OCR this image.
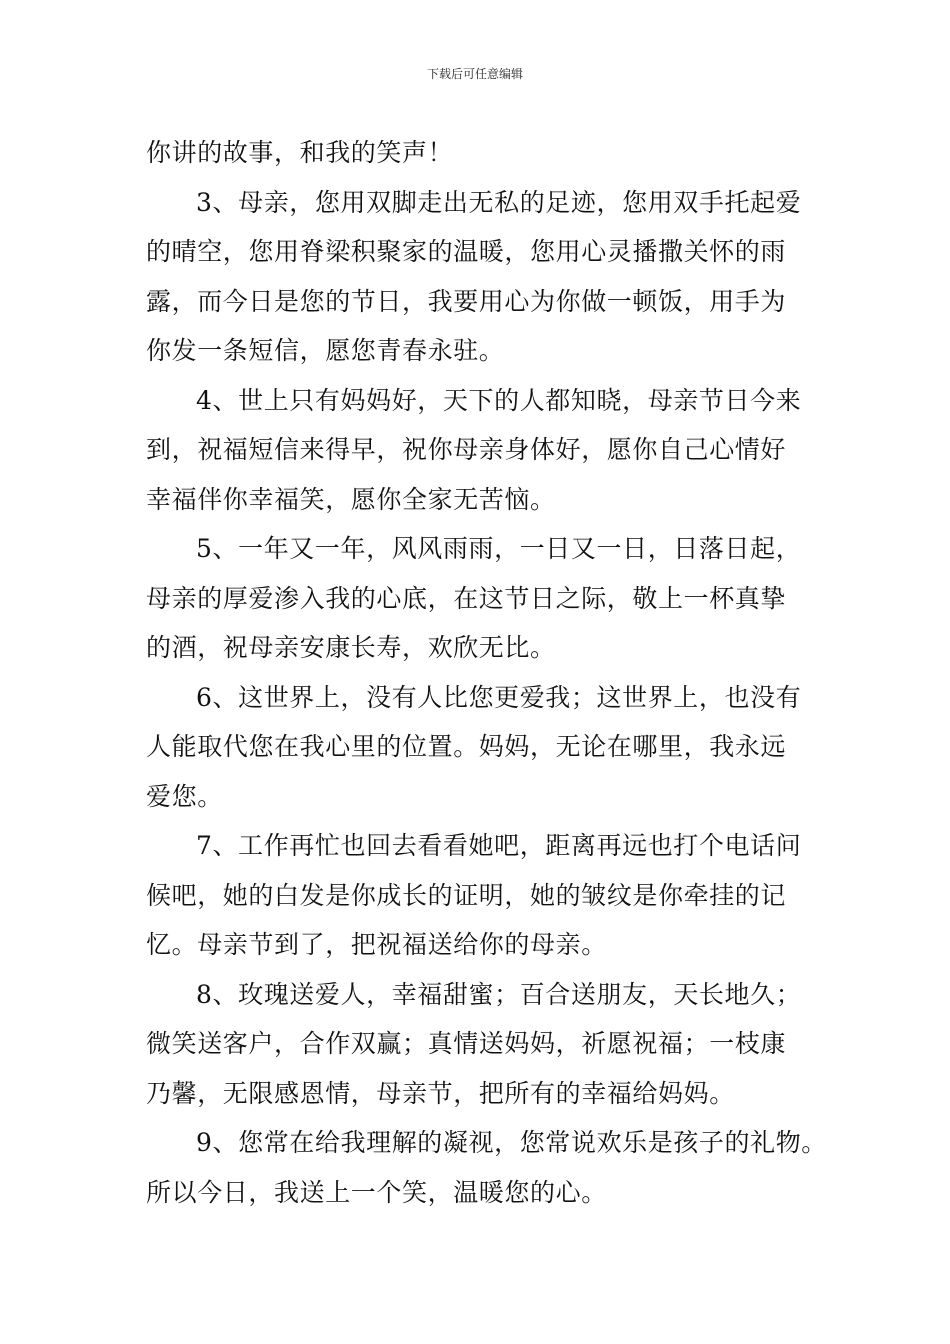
下载后可任意编辑
你讲的故事，和我的笑声！
3、母亲，您用双脚走出无私的足迹，您用双手托起爱
的晴空，您用脊梁积聚家的温暖，您用心灵播撒关怀的雨
露，而今日是您的节日，我要用心为你做一顿饭，用手为
你发一条短信，愿您青春永驻。
4、世上只有妈妈好，天下的人都知晓，母亲节日今来
到，祝福短信来得早，祝你母亲身体好，愿你自己心情好
幸福伴你幸福笑，愿你全家无苦恼。
5、一年又一年，风风雨雨，一日又一日，日落日起，
母亲的厚爱渗入我的心底，在这节日之际，敬上一杯真挚
的酒，祝母亲安康长寿，欢欣无比。
6、这世界上，没有人比您更爱我；这世界上，也没有
人能取代您在我心里的位置。妈妈，无论在哪里，我永远
爱您。
7、工作再忙也回去看看她吧，距离再远也打个电话问
候吧，她的白发是你成长的证明，她的皱纹是你牵挂的记
忆。母亲节到了，把祝福送给你的母亲。
8、玫瑰送爱人，幸福甜蜜；百合送朋友，天长地久；
微笑送客户，合作双赢；真情送妈妈，祈愿祝福；一枝康
乃馨，无限感恩情，母亲节，把所有的幸福给妈妈。
9、您常在给我理解的凝视，您常说欢乐是孩子的礼物。
所以今日，我送上一个笑，温暖您的心。
